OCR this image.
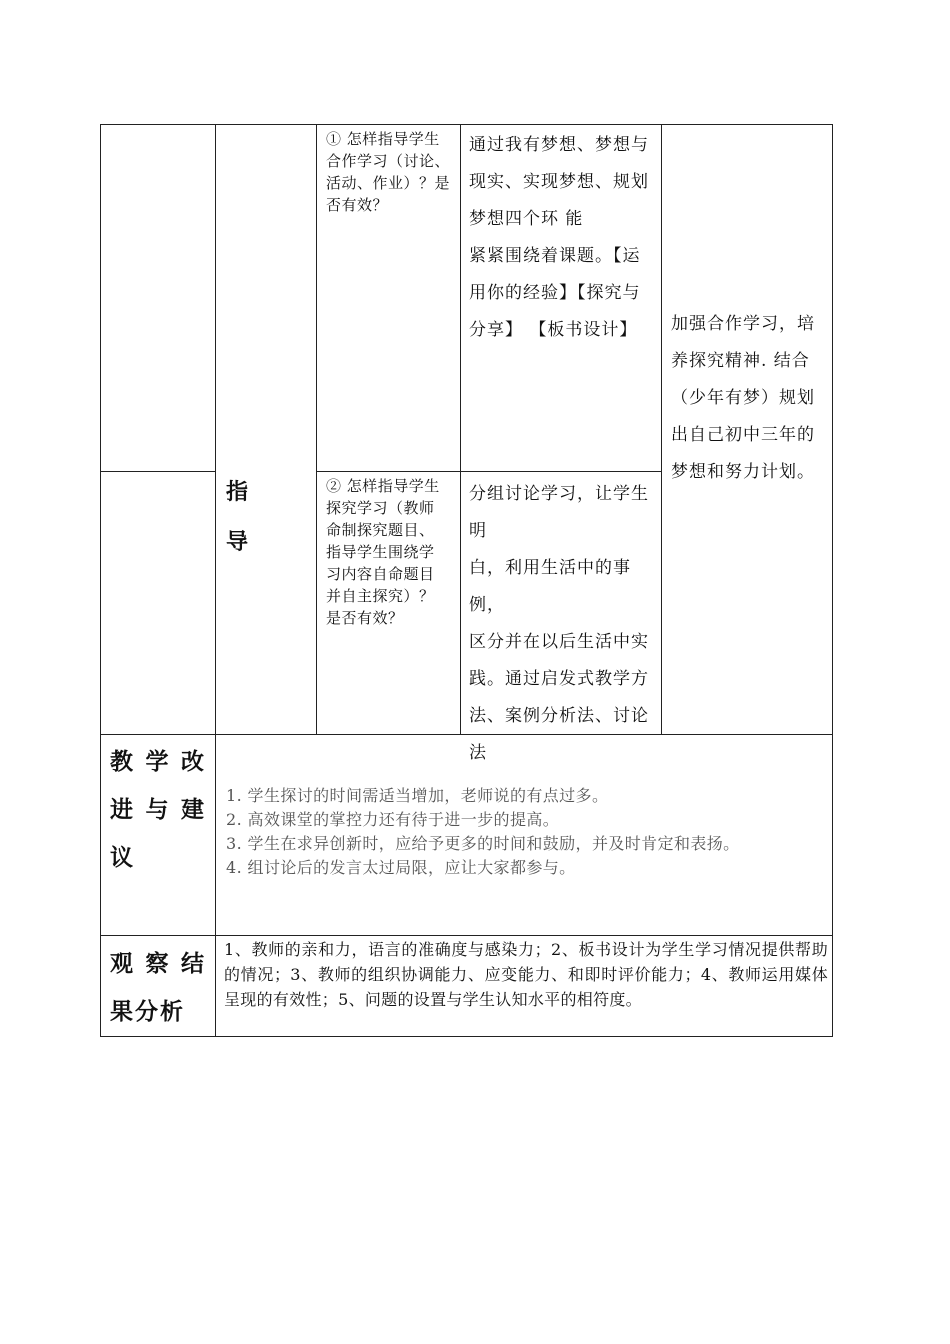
指
导
① 怎样指导学生
合作学习（讨论、
活动、作业）？是
否有效？
通过我有梦想、梦想与
现实、实现梦想、规划
梦想四个环 能
紧紧围绕着课题。【运
用你的经验】【探究与
分享】 【板书设计】
② 怎样指导学生
探究学习（教师
命制探究题目、
指导学生围绕学
习内容自命题目
并自主探究）？
是否有效？
分组讨论学习，让学生明
白，利用生活中的事例，
区分并在以后生活中实
践。通过启发式教学方
法、案例分析法、讨论
法
加强合作学习，培
养探究精神. 结合
（少年有梦）规划
出自己初中三年的
梦想和努力计划。
教 学 改
进 与 建
议
1. 学生探讨的时间需适当增加，老师说的有点过多。
2. 高效课堂的掌控力还有待于进一步的提高。
3. 学生在求异创新时，应给予更多的时间和鼓励，并及时肯定和表扬。
4. 组讨论后的发言太过局限，应让大家都参与。
观 察 结
果分析
1、教师的亲和力，语言的准确度与感染力；2、板书设计为学生学习情况提供帮助的情况；3、教师的组织协调能力、应变能力、和即时评价能力；4、教师运用媒体呈现的有效性；5、问题的设置与学生认知水平的相符度。
